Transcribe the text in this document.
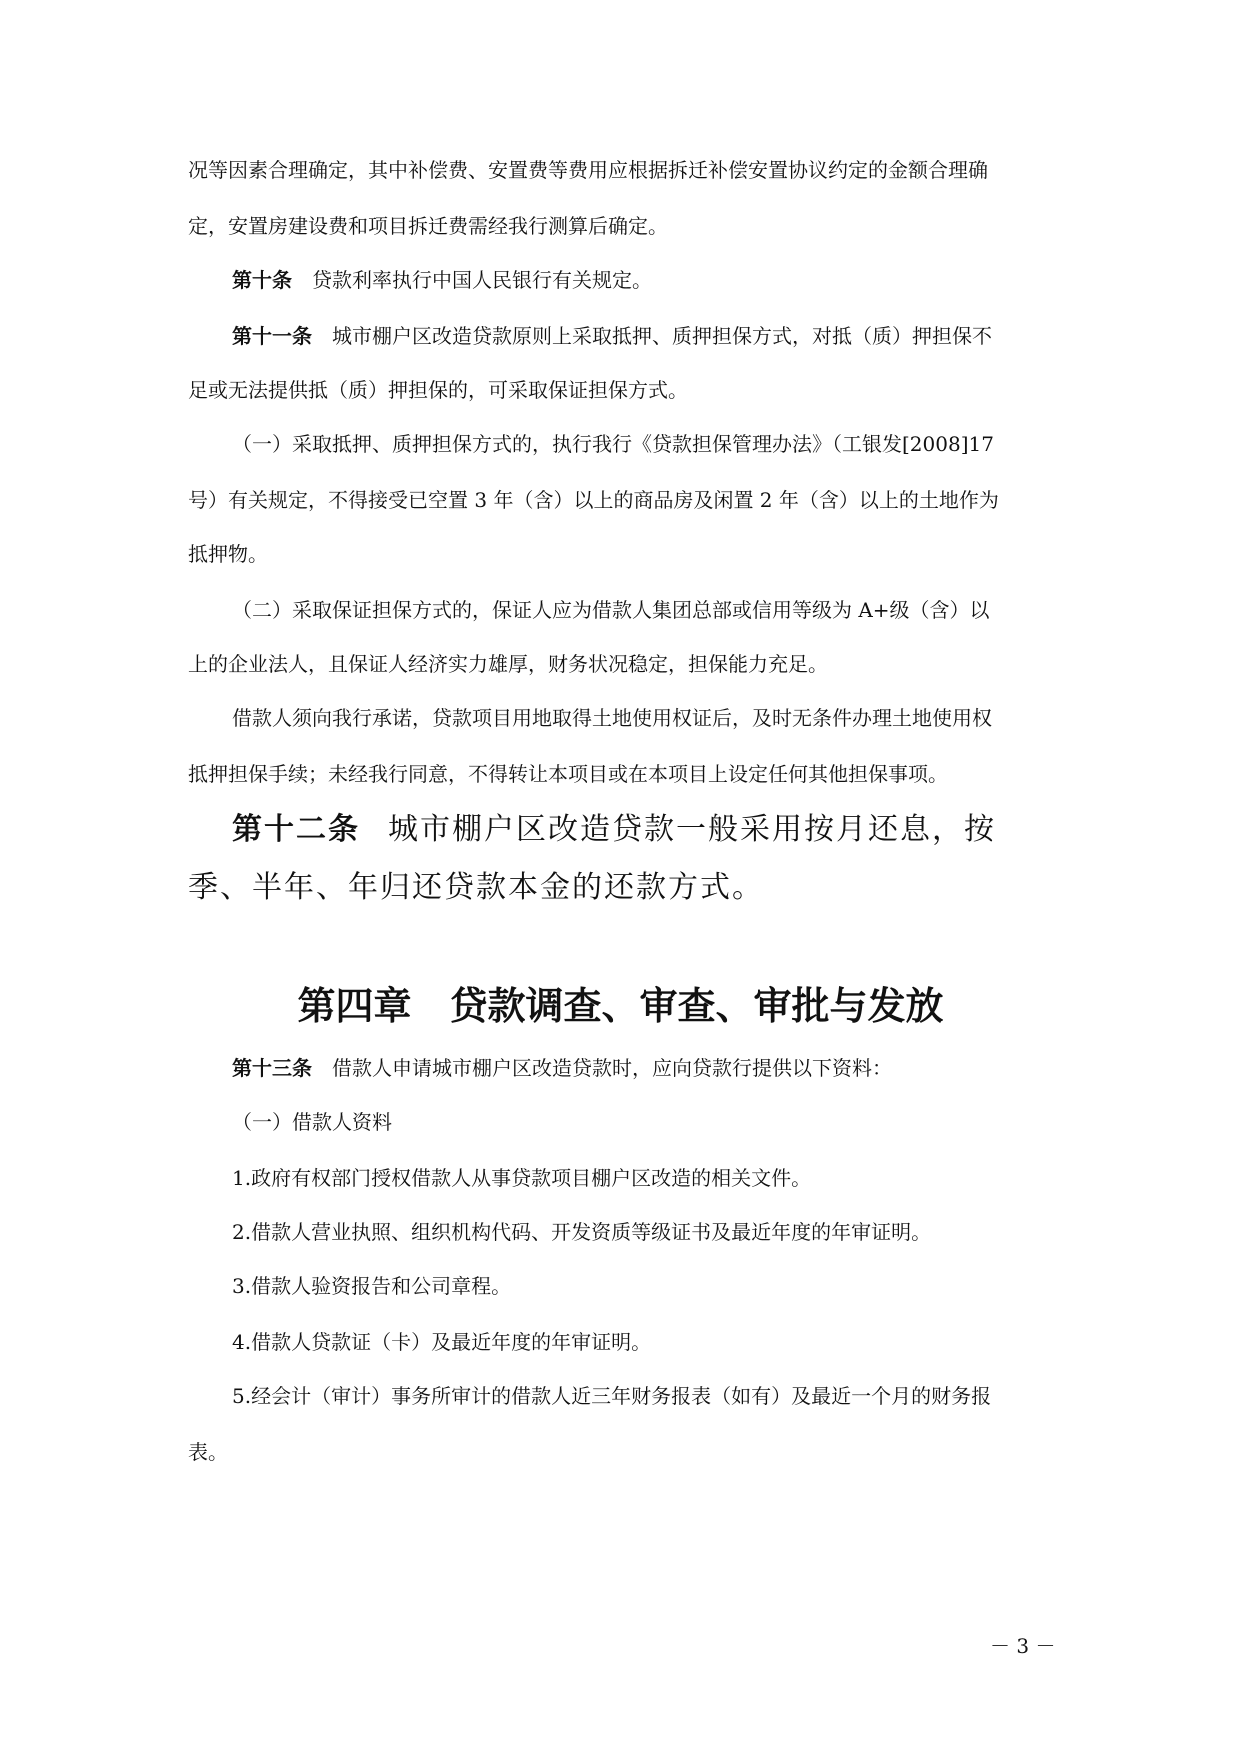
况等因素合理确定，其中补偿费、安置费等费用应根据拆迁补偿安置协议约定的金额合理确
定，安置房建设费和项目拆迁费需经我行测算后确定。
第十条 贷款利率执行中国人民银行有关规定。
第十一条 城市棚户区改造贷款原则上采取抵押、质押担保方式，对抵（质）押担保不
足或无法提供抵（质）押担保的，可采取保证担保方式。
（一）采取抵押、质押担保方式的，执行我行《贷款担保管理办法》（工银发[2008]17
号）有关规定，不得接受已空置 3 年（含）以上的商品房及闲置 2 年（含）以上的土地作为
抵押物。
（二）采取保证担保方式的，保证人应为借款人集团总部或信用等级为 A+级（含）以
上的企业法人，且保证人经济实力雄厚，财务状况稳定，担保能力充足。
借款人须向我行承诺，贷款项目用地取得土地使用权证后，及时无条件办理土地使用权
抵押担保手续；未经我行同意，不得转让本项目或在本项目上设定任何其他担保事项。
第十二条 城市棚户区改造贷款一般采用按月还息，按
季、半年、年归还贷款本金的还款方式。
第四章　贷款调查、审查、审批与发放
第十三条 借款人申请城市棚户区改造贷款时，应向贷款行提供以下资料：
（一）借款人资料
1.政府有权部门授权借款人从事贷款项目棚户区改造的相关文件。
2.借款人营业执照、组织机构代码、开发资质等级证书及最近年度的年审证明。
3.借款人验资报告和公司章程。
4.借款人贷款证（卡）及最近年度的年审证明。
5.经会计（审计）事务所审计的借款人近三年财务报表（如有）及最近一个月的财务报
表。
－ 3 －
